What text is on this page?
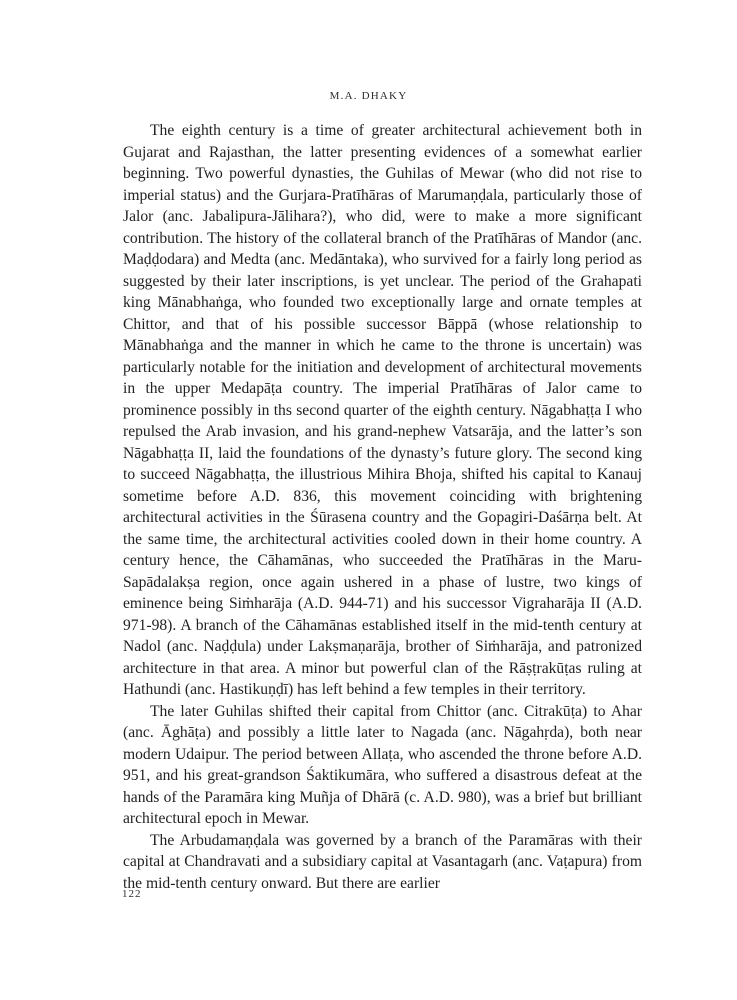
M.A. DHAKY

The eighth century is a time of greater architectural achievement both in Gujarat and Rajasthan, the latter presenting evidences of a somewhat earlier beginning. Two powerful dynasties, the Guhilas of Mewar (who did not rise to imperial status) and the Gurjara-Pratīhāras of Marumaṇḍala, particularly those of Jalor (anc. Jabalipura-Jālihara?), who did, were to make a more significant contribution. The history of the collateral branch of the Pratīhāras of Mandor (anc. Maḍḍodara) and Medta (anc. Medāntaka), who survived for a fairly long period as suggested by their later inscriptions, is yet unclear. The period of the Grahapati king Mānabhaṅga, who founded two exceptionally large and ornate temples at Chittor, and that of his possible successor Bāppā (whose relationship to Mānabhaṅga and the manner in which he came to the throne is uncertain) was particularly notable for the initiation and development of architectural movements in the upper Medapāṭa country. The imperial Pratīhāras of Jalor came to prominence possibly in ths second quarter of the eighth century. Nāgabhaṭṭa I who repulsed the Arab invasion, and his grand-nephew Vatsarāja, and the latter’s son Nāgabhaṭṭa II, laid the foundations of the dynasty’s future glory. The second king to succeed Nāgabhaṭṭa, the illustrious Mihira Bhoja, shifted his capital to Kanauj sometime before A.D. 836, this movement coinciding with brightening architectural activities in the Śūrasena country and the Gopagiri-Daśārṇa belt. At the same time, the architectural activities cooled down in their home country. A century hence, the Cāhamānas, who succeeded the Pratīhāras in the Maru-Sapādalakṣa region, once again ushered in a phase of lustre, two kings of eminence being Siṁharāja (A.D. 944-71) and his successor Vigraharāja II (A.D. 971-98). A branch of the Cāhamānas established itself in the mid-tenth century at Nadol (anc. Naḍḍula) under Lakṣmaṇarāja, brother of Siṁharāja, and patronized architecture in that area. A minor but powerful clan of the Rāṣṭrakūṭas ruling at Hathundi (anc. Hastikuṇḍī) has left behind a few temples in their territory.

The later Guhilas shifted their capital from Chittor (anc. Citrakūṭa) to Ahar (anc. Āghāṭa) and possibly a little later to Nagada (anc. Nāgahṛda), both near modern Udaipur. The period between Allaṭa, who ascended the throne before A.D. 951, and his great-grandson Śaktikumāra, who suffered a disastrous defeat at the hands of the Paramāra king Muñja of Dhārā (c. A.D. 980), was a brief but brilliant architectural epoch in Mewar.

The Arbudamaṇḍala was governed by a branch of the Paramāras with their capital at Chandravati and a subsidiary capital at Vasantagarh (anc. Vaṭapura) from the mid-tenth century onward. But there are earlier

122
